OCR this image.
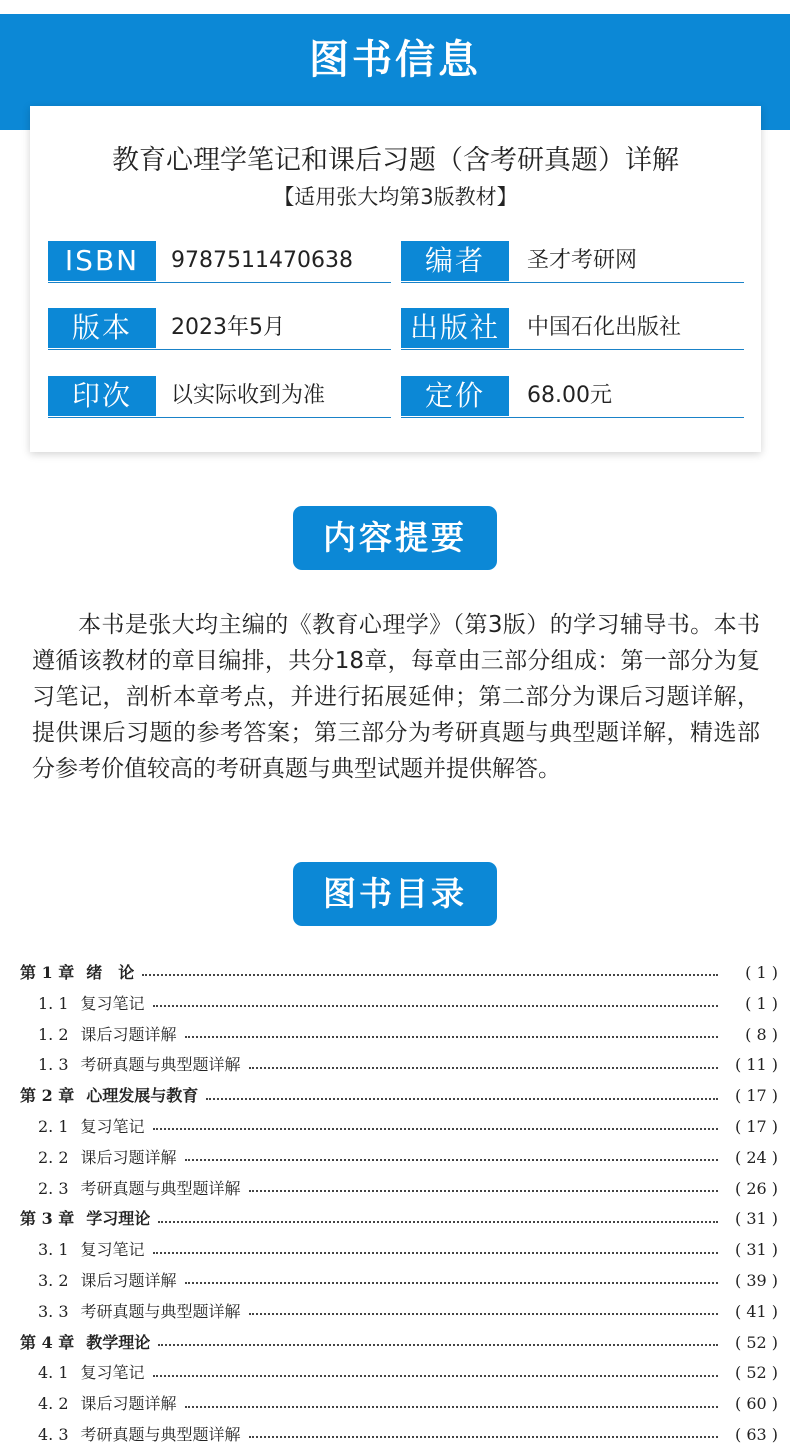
图书信息
教育心理学笔记和课后习题（含考研真题）详解
【适用张大均第3版教材】
ISBN	9787511470638	编者	圣才考研网
版本	2023年5月	出版社	中国石化出版社
印次	以实际收到为准	定价	68.00元
内容提要

本书是张大均主编的《教育心理学》（第3版）的学习辅导书。本书遵循该教材的章目编排，共分18章，每章由三部分组成：第一部分为复习笔记，剖析本章考点，并进行拓展延伸；第二部分为课后习题详解，提供课后习题的参考答案；第三部分为考研真题与典型题详解，精选部分参考价值较高的考研真题与典型试题并提供解答。

图书目录
第 1 章 绪　论	( 1 )
1. 1 复习笔记	( 1 )
1. 2 课后习题详解	( 8 )
1. 3 考研真题与典型题详解	( 11 )
第 2 章 心理发展与教育	( 17 )
2. 1 复习笔记	( 17 )
2. 2 课后习题详解	( 24 )
2. 3 考研真题与典型题详解	( 26 )
第 3 章 学习理论	( 31 )
3. 1 复习笔记	( 31 )
3. 2 课后习题详解	( 39 )
3. 3 考研真题与典型题详解	( 41 )
第 4 章 教学理论	( 52 )
4. 1 复习笔记	( 52 )
4. 2 课后习题详解	( 60 )
4. 3 考研真题与典型题详解	( 63 )
